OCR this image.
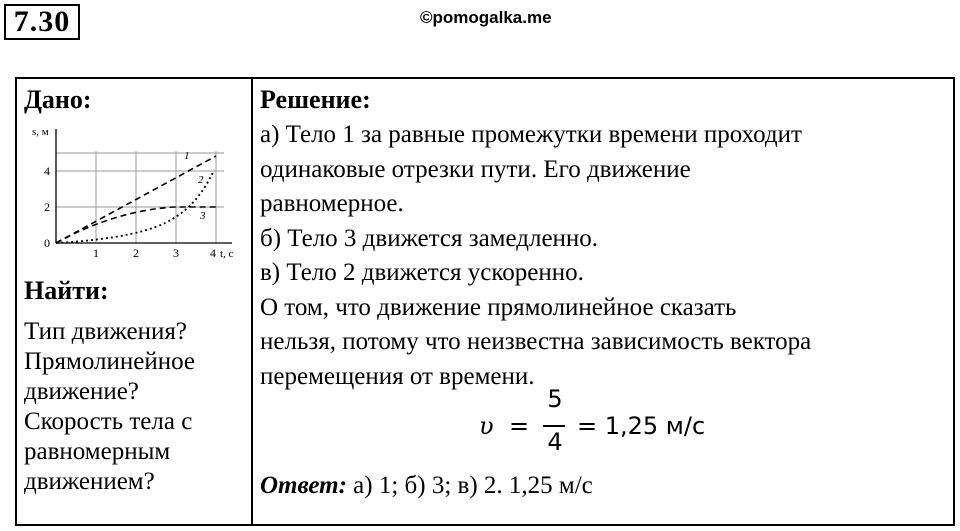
7.30	©pomogalka.me
Дано:
s, м
t, c
0
2
4
1	2	3	4
1
2
3
Найти:
Тип движения?
Прямолинейное
движение?
Скорость тела с
равномерным
движением?
Решение:
а) Тело 1 за равные промежутки времени проходит
одинаковые отрезки пути. Его движение
равномерное.
б) Тело 3 движется замедленно.
в) Тело 2 движется ускоренно.
О том, что движение прямолинейное сказать
нельзя, потому что неизвестна зависимость вектора
перемещения от времени.
υ =
5
4
= 1,25 м/с
Ответ: а) 1; б) 3; в) 2. 1,25 м/с
